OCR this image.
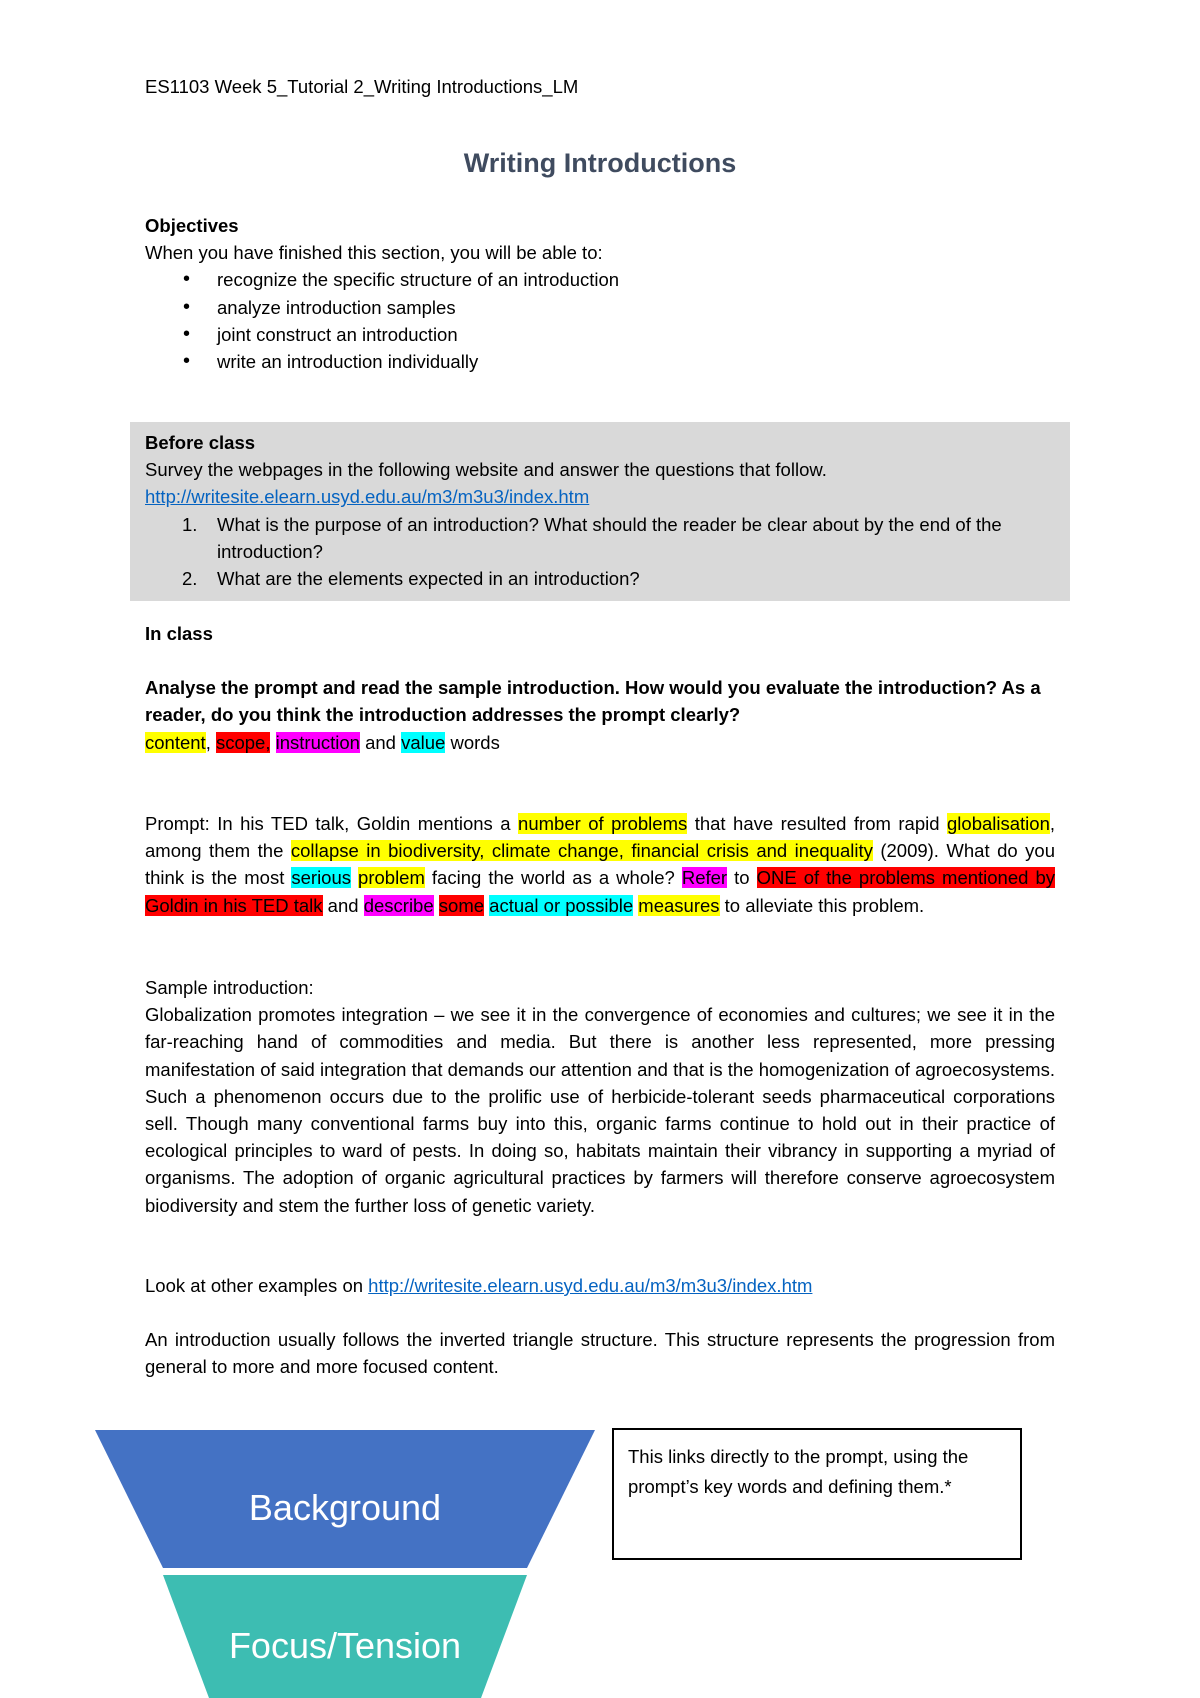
ES1103 Week 5_Tutorial 2_Writing Introductions_LM
Writing Introductions
Objectives
When you have finished this section, you will be able to:
• recognize the specific structure of an introduction
• analyze introduction samples
• joint construct an introduction
• write an introduction individually
Before class
Survey the webpages in the following website and answer the questions that follow.
http://writesite.elearn.usyd.edu.au/m3/m3u3/index.htm
1. What is the purpose of an introduction? What should the reader be clear about by the end of the introduction?
2. What are the elements expected in an introduction?
In class
Analyse the prompt and read the sample introduction. How would you evaluate the introduction? As a reader, do you think the introduction addresses the prompt clearly?
content, scope, instruction and value words
Prompt: In his TED talk, Goldin mentions a number of problems that have resulted from rapid globalisation, among them the collapse in biodiversity, climate change, financial crisis and inequality (2009). What do you think is the most serious problem facing the world as a whole? Refer to ONE of the problems mentioned by Goldin in his TED talk and describe some actual or possible measures to alleviate this problem.
Sample introduction:
Globalization promotes integration – we see it in the convergence of economies and cultures; we see it in the far-reaching hand of commodities and media. But there is another less represented, more pressing manifestation of said integration that demands our attention and that is the homogenization of agroecosystems. Such a phenomenon occurs due to the prolific use of herbicide-tolerant seeds pharmaceutical corporations sell. Though many conventional farms buy into this, organic farms continue to hold out in their practice of ecological principles to ward of pests. In doing so, habitats maintain their vibrancy in supporting a myriad of organisms. The adoption of organic agricultural practices by farmers will therefore conserve agroecosystem biodiversity and stem the further loss of genetic variety.
Look at other examples on http://writesite.elearn.usyd.edu.au/m3/m3u3/index.htm
An introduction usually follows the inverted triangle structure. This structure represents the progression from general to more and more focused content.
Background
Focus/Tension
This links directly to the prompt, using the prompt’s key words and defining them.*
